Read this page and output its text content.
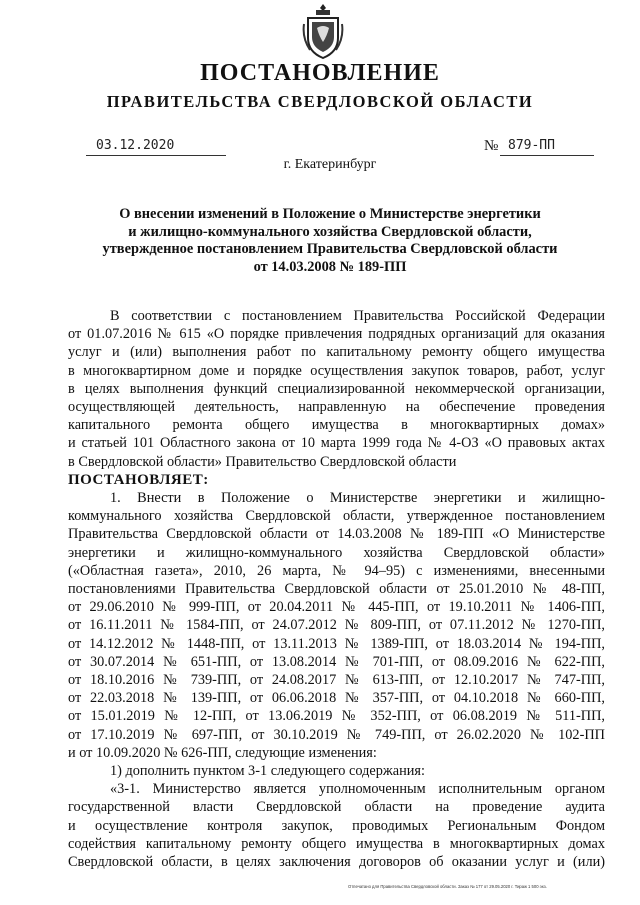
ПОСТАНОВЛЕНИЕ
ПРАВИТЕЛЬСТВА СВЕРДЛОВСКОЙ ОБЛАСТИ
03.12.2020	№ 879-ПП
г. Екатеринбург
О внесении изменений в Положение о Министерстве энергетики
и жилищно-коммунального хозяйства Свердловской области,
утвержденное постановлением Правительства Свердловской области
от 14.03.2008 № 189-ПП

В соответствии с постановлением Правительства Российской Федерации

от 01.07.2016 № 615 «О порядке привлечения подрядных организаций для оказания

услуг и (или) выполнения работ по капитальному ремонту общего имущества

в многоквартирном доме и порядке осуществления закупок товаров, работ, услуг

в целях выполнения функций специализированной некоммерческой организации,

осуществляющей деятельность, направленную на обеспечение проведения

капитального ремонта общего имущества в многоквартирных домах»

и статьей 101 Областного закона от 10 марта 1999 года № 4-ОЗ «О правовых актах

в Свердловской области» Правительство Свердловской области

ПОСТАНОВЛЯЕТ:

1. Внести в Положение о Министерстве энергетики и жилищно-

коммунального хозяйства Свердловской области, утвержденное постановлением

Правительства Свердловской области от 14.03.2008 № 189-ПП «О Министерстве

энергетики и жилищно-коммунального хозяйства Свердловской области»

(«Областная газета», 2010, 26 марта, № 94–95) с изменениями, внесенными

постановлениями Правительства Свердловской области от 25.01.2010 № 48-ПП,

от 29.06.2010 № 999-ПП, от 20.04.2011 № 445-ПП, от 19.10.2011 № 1406-ПП,

от 16.11.2011 № 1584-ПП, от 24.07.2012 № 809-ПП, от 07.11.2012 № 1270-ПП,

от 14.12.2012 № 1448-ПП, от 13.11.2013 № 1389-ПП, от 18.03.2014 № 194-ПП,

от 30.07.2014 № 651-ПП, от 13.08.2014 № 701-ПП, от 08.09.2016 № 622-ПП,

от 18.10.2016 № 739-ПП, от 24.08.2017 № 613-ПП, от 12.10.2017 № 747-ПП,

от 22.03.2018 № 139-ПП, от 06.06.2018 № 357-ПП, от 04.10.2018 № 660-ПП,

от 15.01.2019 № 12-ПП, от 13.06.2019 № 352-ПП, от 06.08.2019 № 511-ПП,

от 17.10.2019 № 697-ПП, от 30.10.2019 № 749-ПП, от 26.02.2020 № 102-ПП

и от 10.09.2020 № 626-ПП, следующие изменения:

1) дополнить пунктом 3-1 следующего содержания:

«3-1. Министерство является уполномоченным исполнительным органом

государственной власти Свердловской области на проведение аудита

и осуществление контроля закупок, проводимых Региональным Фондом

содействия капитальному ремонту общего имущества в многоквартирных домах

Свердловской области, в целях заключения договоров об оказании услуг и (или)

Отпечатано для Правительства Свердловской области. Заказ № 177 от 29.05.2020 г. Тираж 1 500 экз.
